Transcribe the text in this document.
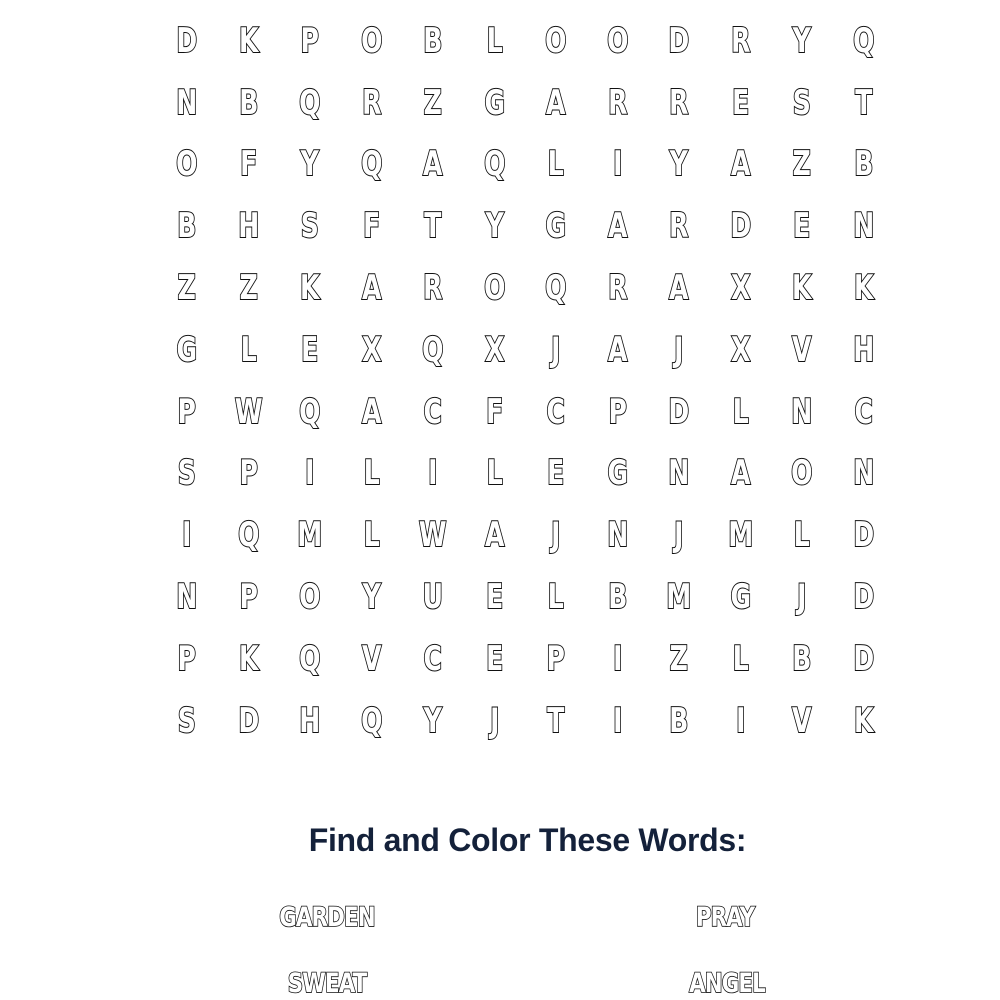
D	K	P	O	B	L	O	O	D	R	Y	Q
N	B	Q	R	Z	G	A	R	R	E	S	T
O	F	Y	Q	A	Q	L	I	Y	A	Z	B
B	H	S	F	T	Y	G	A	R	D	E	N
Z	Z	K	A	R	O	Q	R	A	X	K	K
G	L	E	X	Q	X	J	A	J	X	V	H
P	W	Q	A	C	F	C	P	D	L	N	C
S	P	I	L	I	L	E	G	N	A	O	N
I	Q	M	L	W	A	J	N	J	M	L	D
N	P	O	Y	U	E	L	B	M	G	J	D
P	K	Q	V	C	E	P	I	Z	L	B	D
S	D	H	Q	Y	J	T	I	B	I	V	K
Find and Color These Words:
GARDEN	PRAY
SWEAT	ANGEL
